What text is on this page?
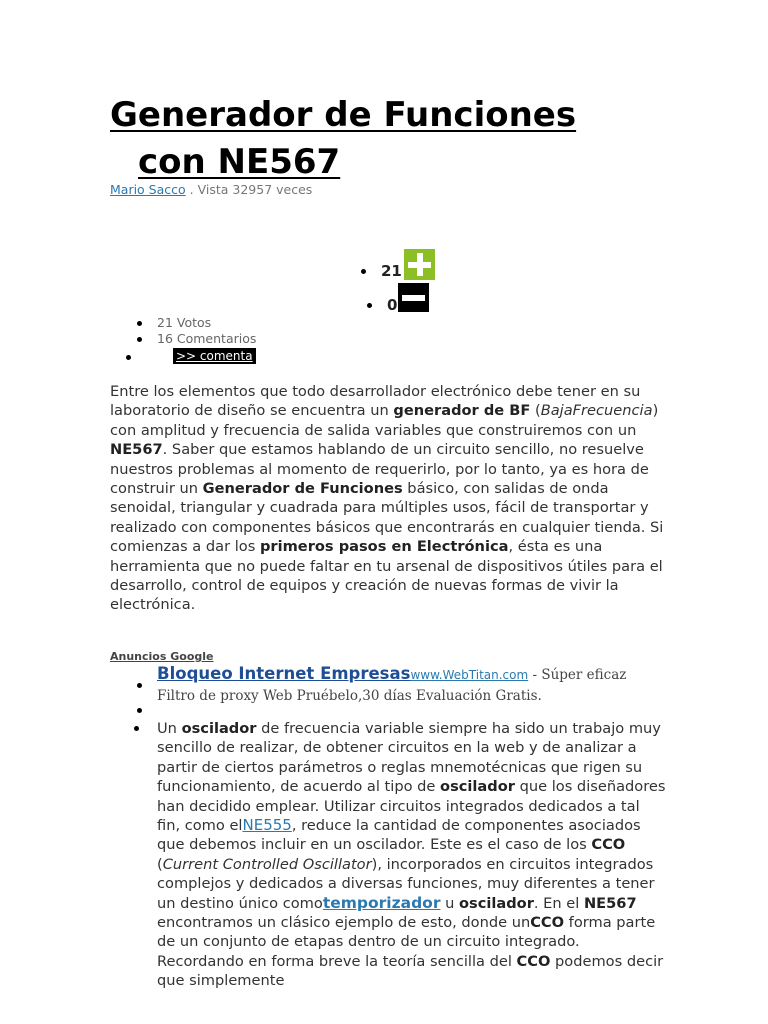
Generador de Funciones
con NE567
Mario Sacco . Vista 32957 veces
21
0
21 Votos
16 Comentarios
>> comenta
Entre los elementos que todo desarrollador electrónico debe tener en su laboratorio de diseño se encuentra un generador de BF (BajaFrecuencia) con amplitud y frecuencia de salida variables que construiremos con un NE567. Saber que estamos hablando de un circuito sencillo, no resuelve nuestros problemas al momento de requerirlo, por lo tanto, ya es hora de construir un Generador de Funciones básico, con salidas de onda senoidal, triangular y cuadrada para múltiples usos, fácil de transportar y realizado con componentes básicos que encontrarás en cualquier tienda. Si comienzas a dar los primeros pasos en Electrónica, ésta es una herramienta que no puede faltar en tu arsenal de dispositivos útiles para el desarrollo, control de equipos y creación de nuevas formas de vivir la electrónica.
Anuncios Google
Bloqueo Internet Empresaswww.WebTitan.com - Súper eficaz Filtro de proxy Web Pruébelo,30 días Evaluación Gratis.
Un oscilador de frecuencia variable siempre ha sido un trabajo muy sencillo de realizar, de obtener circuitos en la web y de analizar a partir de ciertos parámetros o reglas mnemotécnicas que rigen su funcionamiento, de acuerdo al tipo de oscilador que los diseñadores han decidido emplear. Utilizar circuitos integrados dedicados a tal fin, como elNE555, reduce la cantidad de componentes asociados que debemos incluir en un oscilador. Este es el caso de los CCO (Current Controlled Oscillator), incorporados en circuitos integrados complejos y dedicados a diversas funciones, muy diferentes a tener un destino único comotemporizador u oscilador. En el NE567 encontramos un clásico ejemplo de esto, donde unCCO forma parte de un conjunto de etapas dentro de un circuito integrado. Recordando en forma breve la teoría sencilla del CCO podemos decir que simplemente
